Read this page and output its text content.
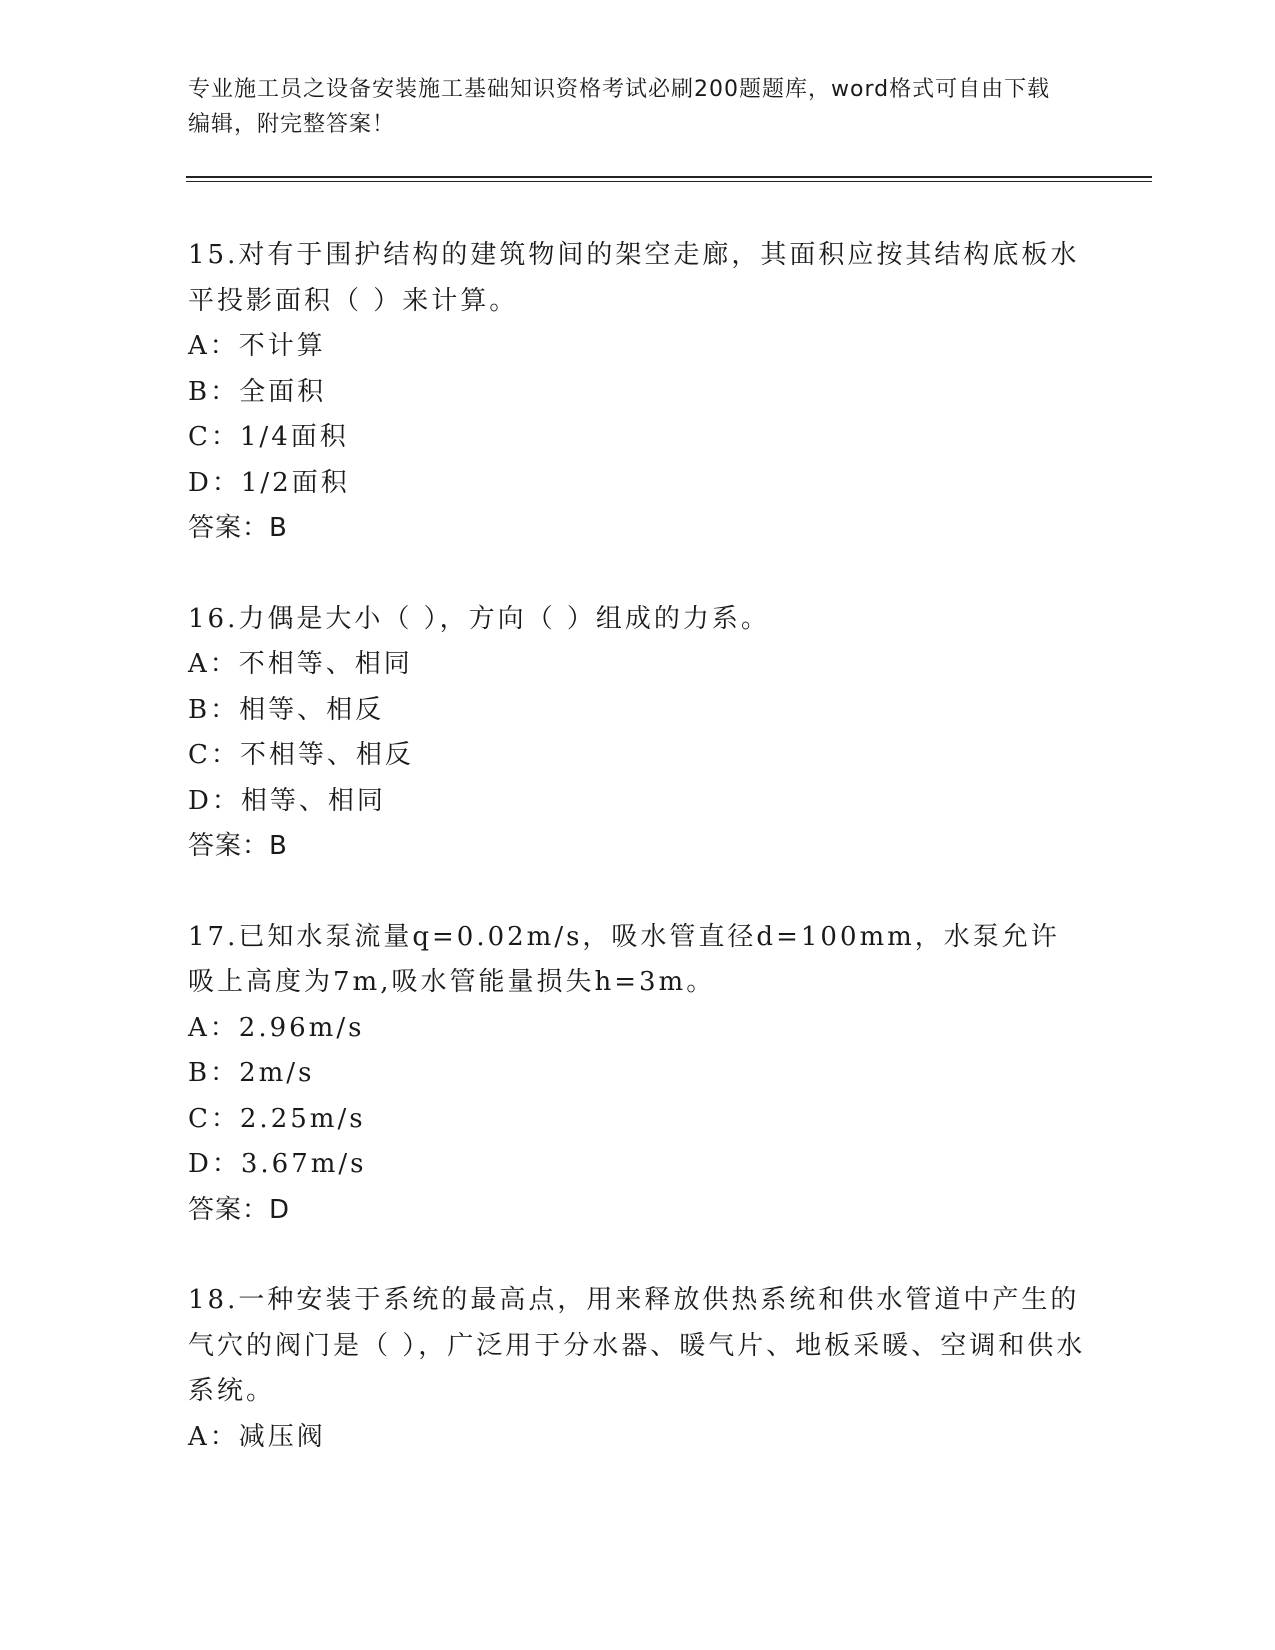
专业施工员之设备安装施工基础知识资格考试必刷200题题库，word格式可自由下载编辑，附完整答案！

15.对有于围护结构的建筑物间的架空走廊，其面积应按其结构底板水平投影面积（ ）来计算。

A：不计算

B：全面积

C：1/4面积

D：1/2面积

答案：B

16.力偶是大小（ ），方向（ ）组成的力系。

A：不相等、相同

B：相等、相反

C：不相等、相反

D：相等、相同

答案：B

17.已知水泵流量q=0.02m/s，吸水管直径d=100mm，水泵允许吸上高度为7m,吸水管能量损失h=3m。

A：2.96m/s

B：2m/s

C：2.25m/s

D：3.67m/s

答案：D

18.一种安装于系统的最高点，用来释放供热系统和供水管道中产生的气穴的阀门是（ ），广泛用于分水器、暖气片、地板采暖、空调和供水系统。

A：减压阀
